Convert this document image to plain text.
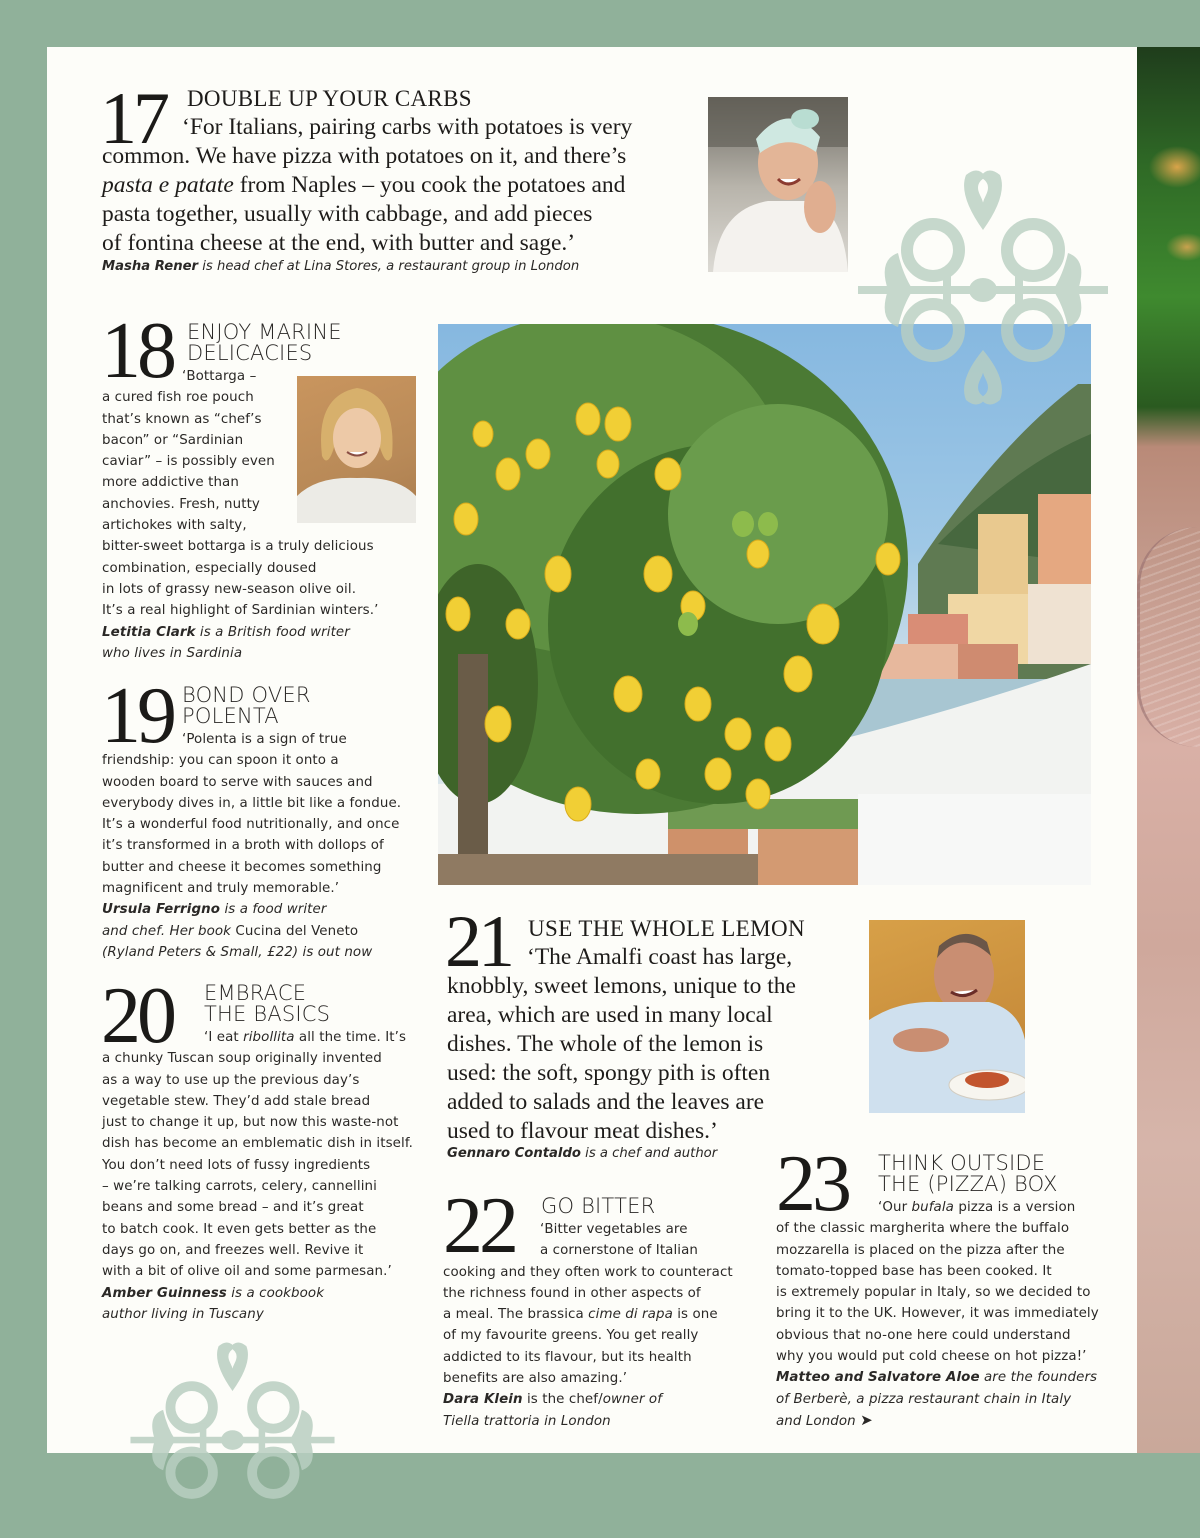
17 DOUBLE UP YOUR CARBS
‘For Italians, pairing carbs with potatoes is very
common. We have pizza with potatoes on it, and there’s
pasta e patate from Naples – you cook the potatoes and
pasta together, usually with cabbage, and add pieces
of fontina cheese at the end, with butter and sage.’
Masha Rener is head chef at Lina Stores, a restaurant group in London
18 ENJOY MARINE
DELICACIES
‘Bottarga –
a cured fish roe pouch
that’s known as “chef’s
bacon” or “Sardinian
caviar” – is possibly even
more addictive than
anchovies. Fresh, nutty
artichokes with salty,
bitter-sweet bottarga is a truly delicious
combination, especially doused
in lots of grassy new-season olive oil.
It’s a real highlight of Sardinian winters.’
Letitia Clark is a British food writer
who lives in Sardinia
19 BOND OVER
POLENTA
‘Polenta is a sign of true
friendship: you can spoon it onto a
wooden board to serve with sauces and
everybody dives in, a little bit like a fondue.
It’s a wonderful food nutritionally, and once
it’s transformed in a broth with dollops of
butter and cheese it becomes something
magnificent and truly memorable.’
Ursula Ferrigno is a food writer
and chef. Her book Cucina del Veneto
(Ryland Peters & Small, £22) is out now
20 EMBRACE
THE BASICS
‘I eat ribollita all the time. It’s
a chunky Tuscan soup originally invented
as a way to use up the previous day’s
vegetable stew. They’d add stale bread
just to change it up, but now this waste-not
dish has become an emblematic dish in itself.
You don’t need lots of fussy ingredients
– we’re talking carrots, celery, cannellini
beans and some bread – and it’s great
to batch cook. It even gets better as the
days go on, and freezes well. Revive it
with a bit of olive oil and some parmesan.’
Amber Guinness is a cookbook
author living in Tuscany
21 USE THE WHOLE LEMON
‘The Amalfi coast has large,
knobbly, sweet lemons, unique to the
area, which are used in many local
dishes. The whole of the lemon is
used: the soft, spongy pith is often
added to salads and the leaves are
used to flavour meat dishes.’
Gennaro Contaldo is a chef and author
22 GO BITTER
‘Bitter vegetables are
a cornerstone of Italian
cooking and they often work to counteract
the richness found in other aspects of
a meal. The brassica cime di rapa is one
of my favourite greens. You get really
addicted to its flavour, but its health
benefits are also amazing.’
Dara Klein is the chef/owner of
Tiella trattoria in London
23 THINK OUTSIDE
THE (PIZZA) BOX
‘Our bufala pizza is a version
of the classic margherita where the buffalo
mozzarella is placed on the pizza after the
tomato-topped base has been cooked. It
is extremely popular in Italy, so we decided to
bring it to the UK. However, it was immediately
obvious that no-one here could understand
why you would put cold cheese on hot pizza!’
Matteo and Salvatore Aloe are the founders
of Berberè, a pizza restaurant chain in Italy
and London ➤
